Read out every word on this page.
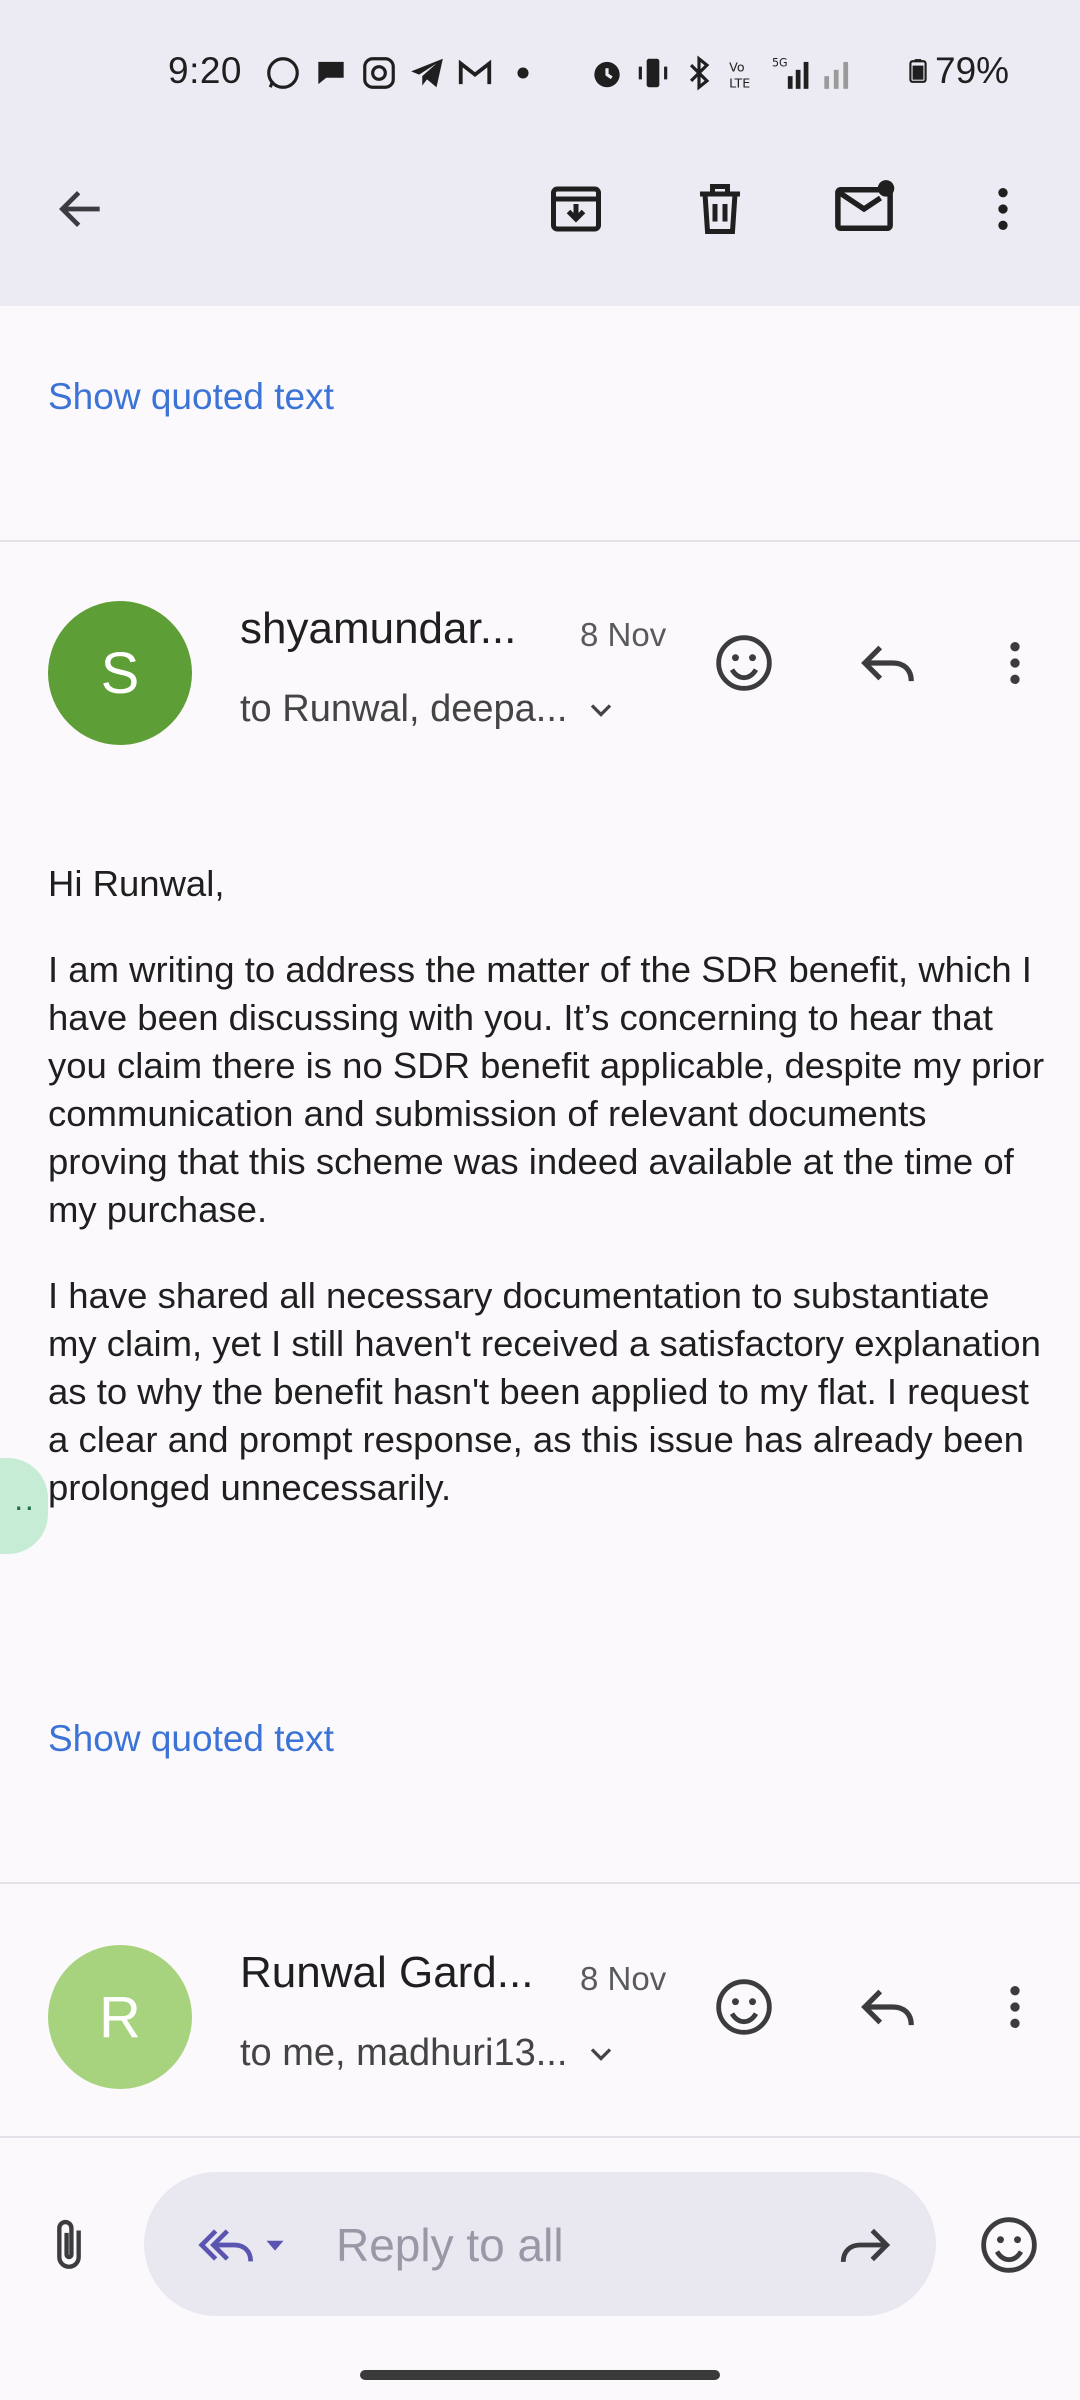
9:20	Vo
LTE
5G	79%
Show quoted text
S
shyamundar... 8 Nov
to Runwal, deepa...

Hi Runwal,

I am writing to address the matter of the SDR benefit, which I have been discussing with you. It’s concerning to hear that you claim there is no SDR benefit applicable, despite my prior communication and submission of relevant documents proving that this scheme was indeed available at the time of my purchase.

I have shared all necessary documentation to substantiate my claim, yet I still haven't received a satisfactory explanation as to why the benefit hasn't been applied to my flat. I request a clear and prompt response, as this issue has already been prolonged unnecessarily.

··
Show quoted text
R
Runwal Gard... 8 Nov
to me, madhuri13...
Reply to all
